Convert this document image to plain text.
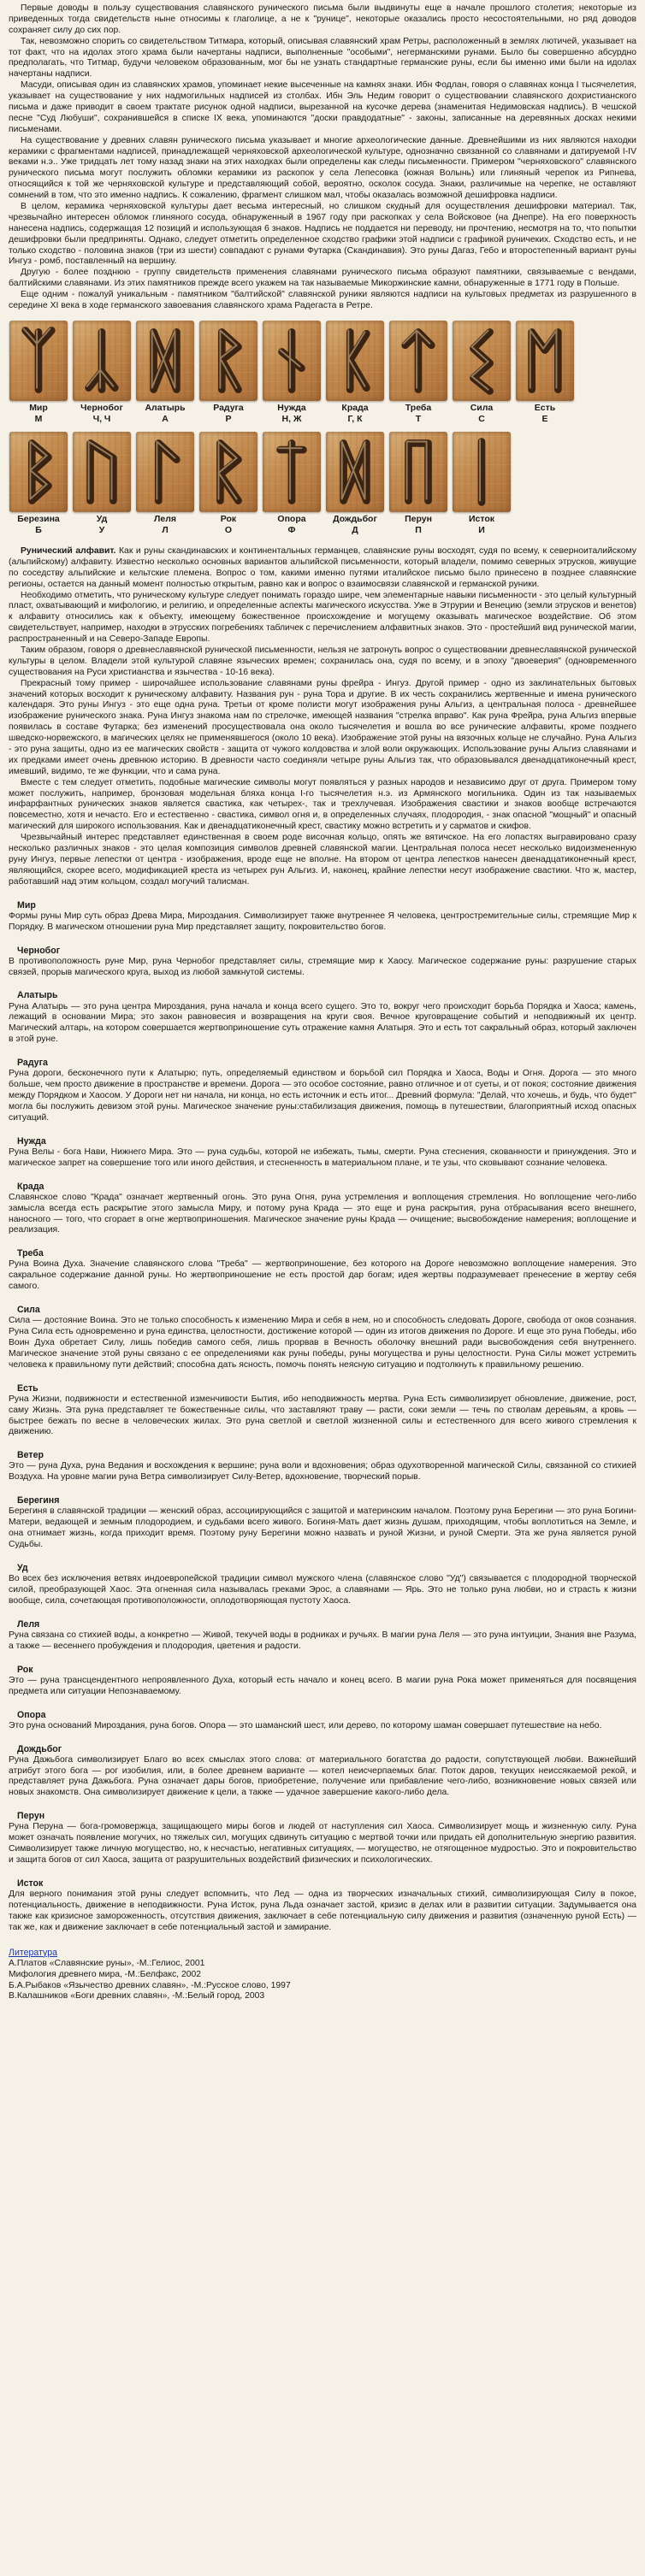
Первые доводы в пользу существования славянского рунического письма были выдвинуты еще в начале прошлого столетия; некоторые из приведенных тогда свидетельств ныне относимы к глаголице, а не к "рунице", некоторые оказались просто несостоятельными, но ряд доводов сохраняет силу до сих пор.

Так, невозможно спорить со свидетельством Титмара, который, описывая славянский храм Ретры, расположенный в землях лютичей, указывает на тот факт, что на идолах этого храма были начертаны надписи, выполненные "особыми", негерманскими рунами. Было бы совершенно абсурдно предполагать, что Титмар, будучи человеком образованным, мог бы не узнать стандартные германские руны, если бы именно ими были на идолах начертаны надписи.

Масуди, описывая один из славянских храмов, упоминает некие высеченные на камнях знаки. Ибн Фодлан, говоря о славянах конца I тысячелетия, указывает на существование у них надмогильных надписей из столбах. Ибн Эль Недим говорит о существовании славянского дохристианского письма и даже приводит в своем трактате рисунок одной надписи, вырезанной на кусочке дерева (знаменитая Недимовская надпись). В чешской песне "Суд Любуши", сохранившейся в списке IX века, упоминаются "доски правдодатные" - законы, записанные на деревянных досках некими письменами.

На существование у древних славян рунического письма указывает и многие археологические данные. Древнейшими из них являются находки керамики с фрагментами надписей, принадлежащей черняховской археологической культуре, однозначно связанной со славянами и датируемой I-IV веками н.э.. Уже тридцать лет тому назад знаки на этих находках были определены как следы письменности. Примером "черняховского" славянского рунического письма могут послужить обломки керамики из раскопок у села Лепесовка (южная Волынь) или глиняный черепок из Рипнева, относящийся к той же черняховской культуре и представляющий собой, вероятно, осколок сосуда. Знаки, различимые на черепке, не оставляют сомнений в том, что это именно надпись. К сожалению, фрагмент слишком мал, чтобы оказалась возможной дешифровка надписи.

В целом, керамика черняховской культуры дает весьма интересный, но слишком скудный для осуществления дешифровки материал. Так, чрезвычайно интересен обломок глиняного сосуда, обнаруженный в 1967 году при раскопках у села Войсковое (на Днепре). На его поверхность нанесена надпись, содержащая 12 позиций и использующая 6 знаков. Надпись не поддается ни переводу, ни прочтению, несмотря на то, что попытки дешифровки были предприняты. Однако, следует отметить определенное сходство графики этой надписи с графикой руничеких. Сходство есть, и не только сходство - половина знаков (три из шести) совпадают с рунами Футарка (Скандинавия). Это руны Дагаз, Гебо и второстепенный вариант руны Ингуз - ромб, поставленный на вершину.

Другую - более позднюю - группу свидетельств применения славянами рунического письма образуют памятники, связываемые с вендами, балтийскими славянами. Из этих памятников прежде всего укажем на так называемые Микоржинские камни, обнаруженные в 1771 году в Польше.

Еще одним - пожалуй уникальным - памятником "балтийской" славянской руники являются надписи на культовых предметах из разрушенного в середине XI века в ходе германского завоевания славянского храма Радегаста в Ретре.

Мир
М
Чернобог
Ч, Ч
Алатырь
А
Радуга
Р
Нужда
Н, Ж
Крада
Г, К
Треба
Т
Сила
С
Есть
Е
Березина
Б
Уд
У
Леля
Л
Рок
О
Опора
Ф
Дождьбог
Д
Перун
П
Исток
И

Рунический алфавит. Как и руны скандинавских и континентальных германцев, славянские руны восходят, судя по всему, к северноиталийскому (альпийскому) алфавиту. Известно несколько основных вариантов альпийской письменности, который владели, помимо северных этрусков, живущие по соседству альпийские и кельтские племена. Вопрос о том, какими именно путями италийское письмо было принесено в позднее славянские регионы, остается на данный момент полностью открытым, равно как и вопрос о взаимосвязи славянской и германской руники.

Необходимо отметить, что руническому культуре следует понимать гораздо шире, чем элементарные навыки письменности - это целый культурный пласт, охватывающий и мифологию, и религию, и определенные аспекты магического искусства. Уже в Этрурии и Венецию (земли этрусков и венетов) к алфавиту относились как к объекту, имеющему божественное происхождение и могущему оказывать магическое воздействие. Об этом свидетельствует, например, находки в этрусских погребениях табличек с перечислением алфавитных знаков. Это - простейший вид рунической магии, распространенный и на Северо-Западе Европы.

Таким образом, говоря о древнеславянской рунической письменности, нельзя не затронуть вопрос о существовании древнеславянской рунической культуры в целом. Владели этой культурой славяне языческих времен; сохранилась она, судя по всему, и в эпоху "двоеверия" (одновременного существования на Руси христианства и язычества - 10-16 века).

Прекрасный тому пример - широчайшее использование славянами руны фрейра - Ингуз. Другой пример - одно из заклинательных бытовых значений которых восходит к руническому алфавиту. Названия рун - руна Тора и другие. В их честь сохранились жертвенные и имена рунического календаря. Это руны Ингуз - это еще одна руна. Третьи от кроме полисти могут изображения руны Альгиз, а центральная полоса - древнейшее изображение рунического знака. Руна Ингуз знакома нам по стрелочке, имеющей названия "стрелка вправо". Как руна Фрейра, руна Альгиз впервые появилась в составе Футарка; без изменений просуществовала она около тысячелетия и вошла во все рунические алфавиты, кроме позднего шведско-норвежского, в магических целях не применявшегося (около 10 века). Изображение этой руны на вязочных кольце не случайно. Руна Альгиз - это руна защиты, одно из ее магических свойств - защита от чужого колдовства и злой воли окружающих. Использование руны Альгиз славянами и их предками имеет очень древнюю историю. В древности часто соединяли четыре руны Альгиз так, что образовывался двенадцатиконечный крест, имевший, видимо, те же функции, что и сама руна.

Вместе с тем следует отметить, подобные магические символы могут появляться у разных народов и независимо друг от друга. Примером тому может послужить, например, бронзовая модельная бляха конца I-го тысячелетия н.э. из Армянского могильника. Один из так называемых инфарфантных рунических знаков является свастика, как четырех-, так и трехлучевая. Изображения свастики и знаков вообще встречаются повсеместно, хотя и нечасто. Его и естественно - свастика, символ огня и, в определенных случаях, плодородия, - знак опасной "мощный" и опасный магический для широкого использования. Как и двенадцатиконечный крест, свастику можно встретить и у сарматов и скифов.

Чрезвычайный интерес представляет единственная в своем роде височная кольцо, опять же вятичское. На его лопастях выгравировано сразу несколько различных знаков - это целая композиция символов древней славянской магии. Центральная полоса несет несколько видоизмененную руну Ингуз, первые лепестки от центра - изображения, вроде еще не вполне. На втором от центра лепестков нанесен двенадцатиконечный крест, являющийся, скорее всего, модификацией креста из четырех рун Альгиз. И, наконец, крайние лепестки несут изображение свастики. Что ж, мастер, работавший над этим кольцом, создал могучий талисман.

Мир

Формы руны Мир суть образ Древа Мира, Мироздания. Символизирует также внутреннее Я человека, центростремительные силы, стремящие Мир к Порядку. В магическом отношении руна Мир представляет защиту, покровительство богов.

Чернобог

В противоположность руне Мир, руна Чернобог представляет силы, стремящие мир к Хаосу. Магическое содержание руны: разрушение старых связей, прорыв магического круга, выход из любой замкнутой системы.

Алатырь

Руна Алатырь — это руна центра Мироздания, руна начала и конца всего сущего. Это то, вокруг чего происходит борьба Порядка и Хаоса; камень, лежащий в основании Мира; это закон равновесия и возвращения на круги своя. Вечное круговращение событий и неподвижный их центр. Магический алтарь, на котором совершается жертвоприношение суть отражение камня Алатыря. Это и есть тот сакральный образ, который заключен в этой руне.

Радуга

Руна дороги, бесконечного пути к Алатырю; путь, определяемый единством и борьбой сил Порядка и Хаоса, Воды и Огня. Дорога — это много больше, чем просто движение в пространстве и времени. Дорога — это особое состояние, равно отличное и от суеты, и от покоя; состояние движения между Порядком и Хаосом. У Дороги нет ни начала, ни конца, но есть источник и есть итог... Древний формула: "Делай, что хочешь, и будь, что будет" могла бы послужить девизом этой руны. Магическое значение руны:стабилизация движения, помощь в путешествии, благоприятный исход опасных ситуаций.

Нужда

Руна Велы - бога Нави, Нижнего Мира. Это — руна судьбы, которой не избежать, тьмы, смерти. Руна стеснения, скованности и принуждения. Это и магическое запрет на совершение того или иного действия, и стесненность в материальном плане, и те узы, что сковывают сознание человека.

Крада

Славянское слово "Крада" означает жертвенный огонь. Это руна Огня, руна устремления и воплощения стремления. Но воплощение чего-либо замысла всегда есть раскрытие этого замысла Миру, и потому руна Крада — это еще и руна раскрытия, руна отбрасывания всего внешнего, наносного — того, что сгорает в огне жертвоприношения. Магическое значение руны Крада — очищение; высвобождение намерения; воплощение и реализация.

Треба

Руна Воина Духа. Значение славянского слова "Треба" — жертвоприношение, без которого на Дороге невозможно воплощение намерения. Это сакральное содержание данной руны. Но жертвоприношение не есть простой дар богам; идея жертвы подразумевает пренесение в жертву себя самого.

Сила

Сила — достояние Воина. Это не только способность к изменению Мира и себя в нем, но и способность следовать Дороге, свобода от оков сознания. Руна Сила есть одновременно и руна единства, целостности, достижение которой — один из итогов движения по Дороге. И еще это руна Победы, ибо Воин Духа обретает Силу, лишь победив самого себя, лишь прорвав в Вечность оболочку внешний ради высвобождения себя внутреннего. Магическое значение этой руны связано с ее определениями как руны победы, руны могущества и руны целостности. Руна Силы может устремить человека к правильному пути действий; способна дать ясность, помочь понять неясную ситуацию и подтолкнуть к правильному решению.

Есть

Руна Жизни, подвижности и естественной изменчивости Бытия, ибо неподвижность мертва. Руна Есть символизирует обновление, движение, рост, саму Жизнь. Эта руна представляет те божественные силы, что заставляют траву — расти, соки земли — течь по стволам деревьям, а кровь — быстрее бежать по весне в человеческих жилах. Это руна светлой и светлой жизненной силы и естественного для всего живого стремления к движению.

Ветер

Это — руна Духа, руна Ведания и восхождения к вершине; руна воли и вдохновения; образ одухотворенной магической Силы, связанной со стихией Воздуха. На уровне магии руна Ветра символизирует Силу-Ветер, вдохновение, творческий порыв.

Берегиня

Берегиня в славянской традиции — женский образ, ассоциирующийся с защитой и материнским началом. Поэтому руна Берегини — это руна Богини-Матери, ведающей и земным плодородием, и судьбами всего живого. Богиня-Мать дает жизнь душам, приходящим, чтобы воплотиться на Земле, и она отнимает жизнь, когда приходит время. Поэтому руну Берегини можно назвать и руной Жизни, и руной Смерти. Эта же руна является руной Судьбы.

Уд

Во всех без исключения ветвях индоевропейской традиции символ мужского члена (славянское слово "Уд") связывается с плодородной творческой силой, преобразующей Хаос. Эта огненная сила называлась греками Эрос, а славянами — Ярь. Это не только руна любви, но и страсть к жизни вообще, сила, сочетающая противоположности, оплодотворяющая пустоту Хаоса.

Леля

Руна связана со стихией воды, а конкретно — Живой, текучей воды в родниках и ручьях. В магии руна Леля — это руна интуиции, Знания вне Разума, а также — весеннего пробуждения и плодородия, цветения и радости.

Рок

Это — руна трансцендентного непроявленного Духа, который есть начало и конец всего. В магии руна Рока может применяться для посвящения предмета или ситуации Непознаваемому.

Опора

Это руна оснований Мироздания, руна богов. Опора — это шаманский шест, или дерево, по которому шаман совершает путешествие на небо.

Дождьбог

Руна Дажьбога символизирует Благо во всех смыслах этого слова: от материального богатства до радости, сопутствующей любви. Важнейший атрибут этого бога — рог изобилия, или, в более древнем варианте — котел неисчерпаемых благ. Поток даров, текущих неиссякаемой рекой, и представляет руна Дажьбога. Руна означает дары богов, приобретение, получение или прибавление чего-либо, возникновение новых связей или новых знакомств. Она символизирует движение к цели, а также — удачное завершение какого-либо дела.

Перун

Руна Перуна — бога-громовержца, защищающего миры богов и людей от наступления сил Хаоса. Символизирует мощь и жизненную силу. Руна может означать появление могучих, но тяжелых сил, могущих сдвинуть ситуацию с мертвой точки или придать ей дополнительную энергию развития. Символизирует также личную могущество, но, к несчастью, негативных ситуациях, — могущество, не отягощенное мудростью. Это и покровительство и защита богов от сил Хаоса, защита от разрушительных воздействий физических и психологических.

Исток

Для верного понимания этой руны следует вспомнить, что Лед — одна из творческих изначальных стихий, символизирующая Силу в покое, потенциальность, движение в неподвижности. Руна Исток, руна Льда означает застой, кризис в делах или в развитии ситуации. Задумывается она также как кризисное замороженность, отсутствия движения, заключает в себе потенциальную силу движения и развития (означенную руной Есть) — так же, как и движение заключает в себе потенциальный застой и замирание.

Литература
А.Платов «Славянские руны», -М.:Гелиос, 2001
Мифология древнего мира, -М.:Белфакс, 2002
Б.А.Рыбаков «Язычество древних славян», -М.:Русское слово, 1997
В.Калашников «Боги древних славян», -М.:Белый город, 2003
